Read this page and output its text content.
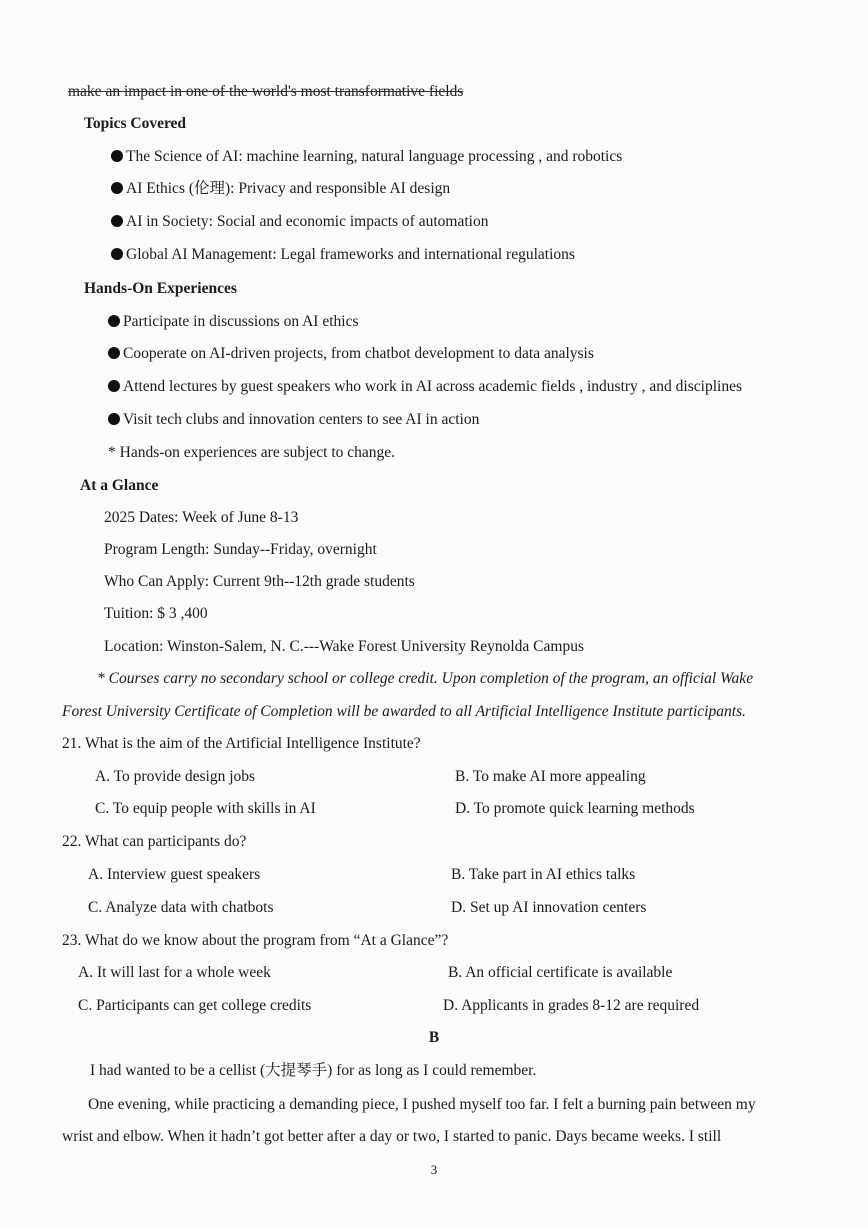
make an impact in one of the world's most transformative fields
Topics Covered
The Science of AI: machine learning, natural language processing , and robotics
AI Ethics (伦理): Privacy and responsible AI design
AI in Society: Social and economic impacts of automation
Global AI Management: Legal frameworks and international regulations
Hands-On Experiences
Participate in discussions on AI ethics
Cooperate on AI-driven projects, from chatbot development to data analysis
Attend lectures by guest speakers who work in AI across academic fields , industry , and disciplines
Visit tech clubs and innovation centers to see AI in action
* Hands-on experiences are subject to change.
At a Glance
2025 Dates: Week of June 8-13
Program Length: Sunday--Friday, overnight
Who Can Apply: Current 9th--12th grade students
Tuition: $ 3 ,400
Location: Winston-Salem, N. C.---Wake Forest University Reynolda Campus
* Courses carry no secondary school or college credit. Upon completion of the program, an official Wake
Forest University Certificate of Completion will be awarded to all Artificial Intelligence Institute participants.
21. What is the aim of the Artificial Intelligence Institute?
A. To provide design jobs	B. To make AI more appealing
C. To equip people with skills in AI	D. To promote quick learning methods
22. What can participants do?
A. Interview guest speakers	B. Take part in AI ethics talks
C. Analyze data with chatbots	D. Set up AI innovation centers
23. What do we know about the program from “At a Glance”?
A. It will last for a whole week	B. An official certificate is available
C. Participants can get college credits	D. Applicants in grades 8-12 are required
B
I had wanted to be a cellist (大提琴手) for as long as I could remember.
One evening, while practicing a demanding piece, I pushed myself too far. I felt a burning pain between my
wrist and elbow. When it hadn’t got better after a day or two, I started to panic. Days became weeks. I still
3
